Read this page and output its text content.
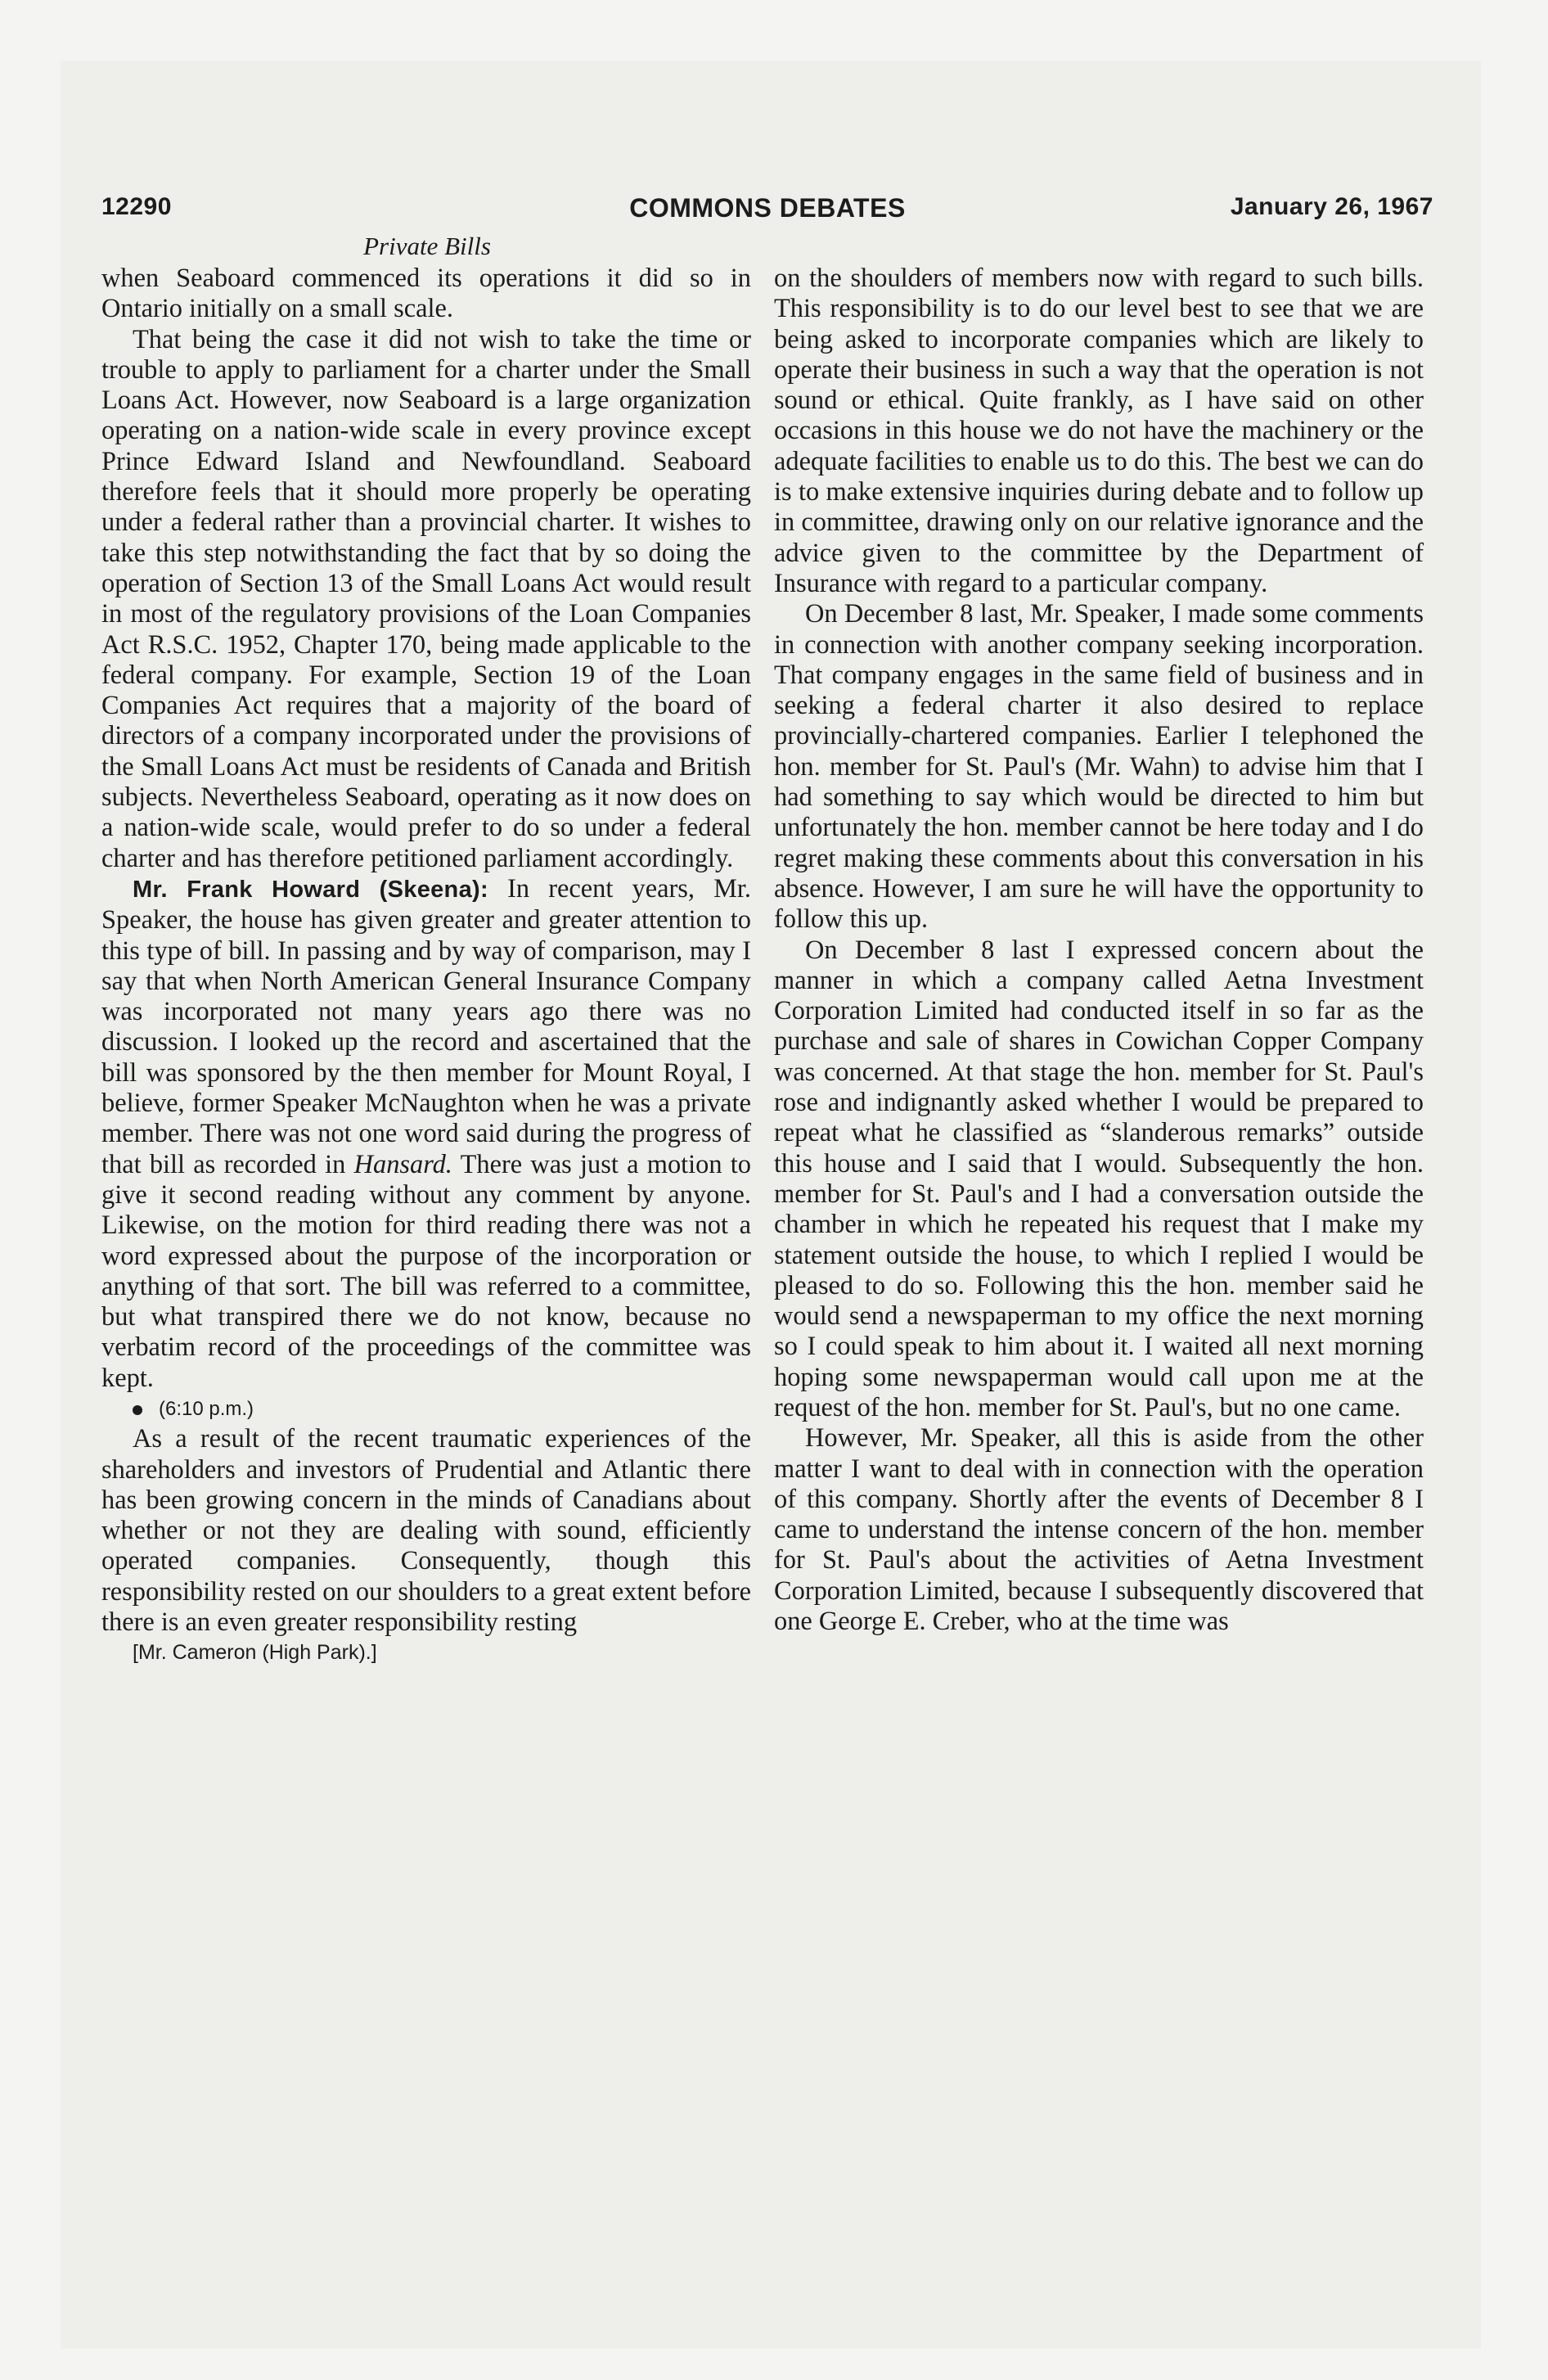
12290	COMMONS DEBATES	January 26, 1967
Private Bills

when Seaboard commenced its operations it did so in Ontario initially on a small scale.

That being the case it did not wish to take the time or trouble to apply to parliament for a charter under the Small Loans Act. However, now Seaboard is a large organization operating on a nation-wide scale in every province except Prince Edward Island and Newfoundland. Seaboard therefore feels that it should more properly be operating under a federal rather than a provincial charter. It wishes to take this step notwithstanding the fact that by so doing the operation of Section 13 of the Small Loans Act would result in most of the regulatory provisions of the Loan Companies Act R.S.C. 1952, Chapter 170, being made applicable to the federal company. For example, Section 19 of the Loan Companies Act requires that a majority of the board of directors of a company incorporated under the provisions of the Small Loans Act must be residents of Canada and British subjects. Nevertheless Seaboard, operating as it now does on a nation-wide scale, would prefer to do so under a federal charter and has therefore petitioned parliament accordingly.

Mr. Frank Howard (Skeena): In recent years, Mr. Speaker, the house has given greater and greater attention to this type of bill. In passing and by way of comparison, may I say that when North American General Insurance Company was incorporated not many years ago there was no discussion. I looked up the record and ascertained that the bill was sponsored by the then member for Mount Royal, I believe, former Speaker McNaughton when he was a private member. There was not one word said during the progress of that bill as recorded in Hansard. There was just a motion to give it second reading without any comment by anyone. Likewise, on the motion for third reading there was not a word expressed about the purpose of the incorporation or anything of that sort. The bill was referred to a committee, but what transpired there we do not know, because no verbatim record of the proceedings of the committee was kept.

(6:10 p.m.)

As a result of the recent traumatic experiences of the shareholders and investors of Prudential and Atlantic there has been growing concern in the minds of Canadians about whether or not they are dealing with sound, efficiently operated companies. Consequently, though this responsibility rested on our shoulders to a great extent before there is an even greater responsibility resting

[Mr. Cameron (High Park).]

on the shoulders of members now with regard to such bills. This responsibility is to do our level best to see that we are being asked to incorporate companies which are likely to operate their business in such a way that the operation is not sound or ethical. Quite frankly, as I have said on other occasions in this house we do not have the machinery or the adequate facilities to enable us to do this. The best we can do is to make extensive inquiries during debate and to follow up in committee, drawing only on our relative ignorance and the advice given to the committee by the Department of Insurance with regard to a particular company.

On December 8 last, Mr. Speaker, I made some comments in connection with another company seeking incorporation. That company engages in the same field of business and in seeking a federal charter it also desired to replace provincially-chartered companies. Earlier I telephoned the hon. member for St. Paul's (Mr. Wahn) to advise him that I had something to say which would be directed to him but unfortunately the hon. member cannot be here today and I do regret making these comments about this conversation in his absence. However, I am sure he will have the opportunity to follow this up.

On December 8 last I expressed concern about the manner in which a company called Aetna Investment Corporation Limited had conducted itself in so far as the purchase and sale of shares in Cowichan Copper Company was concerned. At that stage the hon. member for St. Paul's rose and indignantly asked whether I would be prepared to repeat what he classified as “slanderous remarks” outside this house and I said that I would. Subsequently the hon. member for St. Paul's and I had a conversation outside the chamber in which he repeated his request that I make my statement outside the house, to which I replied I would be pleased to do so. Following this the hon. member said he would send a newspaperman to my office the next morning so I could speak to him about it. I waited all next morning hoping some newspaperman would call upon me at the request of the hon. member for St. Paul's, but no one came.

However, Mr. Speaker, all this is aside from the other matter I want to deal with in connection with the operation of this company. Shortly after the events of December 8 I came to understand the intense concern of the hon. member for St. Paul's about the activities of Aetna Investment Corporation Limited, because I subsequently discovered that one George E. Creber, who at the time was
